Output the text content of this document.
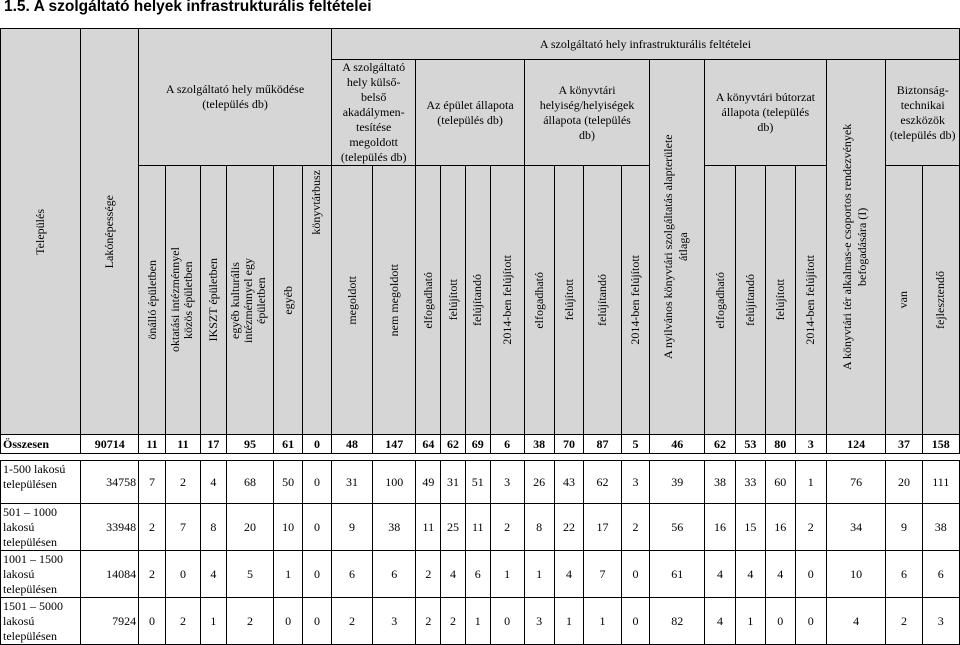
1.5. A szolgáltató helyek infrastrukturális feltételei
Település	Lakónépessége	A szolgáltató hely működése (település db)						A szolgáltató hely infrastrukturális feltételei																	
								A szolgáltató hely külső-belső akadálymen-tesítése megoldott (település db)		Az épület állapota (település db)				A könyvtári helyiség/helyiségek állapota (település db)				A nyilvános könyvtári szolgáltatás alapterülete átlaga	A könyvtári bútorzat állapota (település db)				A könyvtári tér alkalmas-e csoportos rendezvények befogadására (I)	Biztonság-technikai eszközök (település db)	

		önálló épületben	oktatási intézménnyel közös épületben	IKSZT épületben	egyéb kulturális intézménnyel egy épületben	egyéb	könyvtárbusz	megoldott	nem megoldott	elfogadható	felújított	felújítandó	2014-ben felújított	elfogadható	felújított	felújítandó	2014-ben felújított		elfogadható	felújítandó	felújított	2014-ben felújított		van	fejlesztendő

Összesen	90714	11	11	17	95	61	0	48	147	64	62	69	6	38	70	87	5	46	62	53	80	3	124	37	158

1-500 lakosú településen	34758	7	2	4	68	50	0	31	100	49	31	51	3	26	43	62	3	39	38	33	60	1	76	20	111
501 – 1000 lakosú településen	33948	2	7	8	20	10	0	9	38	11	25	11	2	8	22	17	2	56	16	15	16	2	34	9	38
1001 – 1500 lakosú településen	14084	2	0	4	5	1	0	6	6	2	4	6	1	1	4	7	0	61	4	4	4	0	10	6	6
1501 – 5000 lakosú településen	7924	0	2	1	2	0	0	2	3	2	2	1	0	3	1	1	0	82	4	1	0	0	4	2	3
